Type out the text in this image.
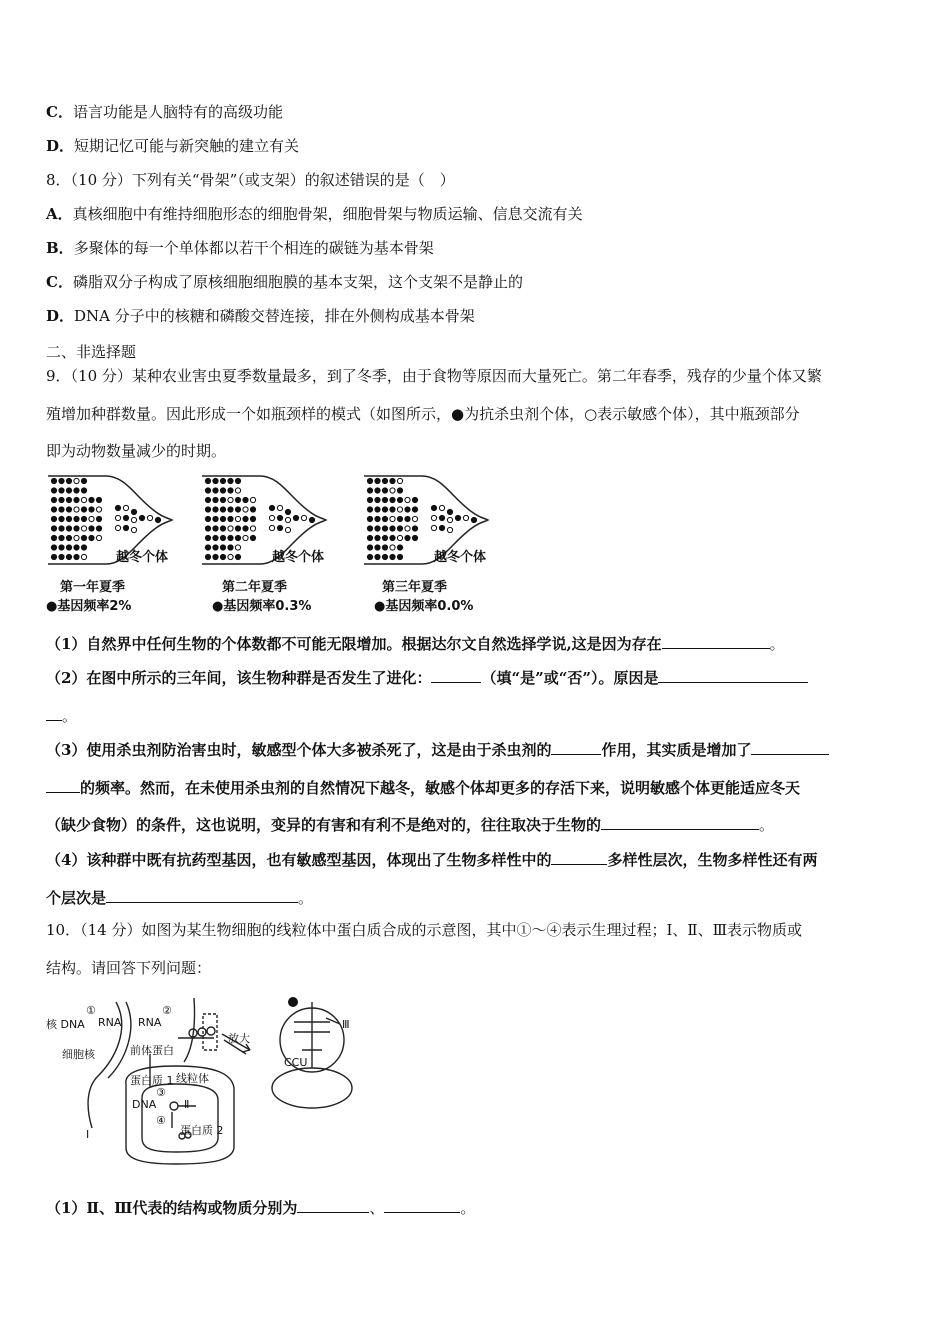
C．语言功能是人脑特有的高级功能
D．短期记忆可能与新突触的建立有关
8．（10 分）下列有关“骨架”（或支架）的叙述错误的是（　）
A．真核细胞中有维持细胞形态的细胞骨架，细胞骨架与物质运输、信息交流有关
B．多聚体的每一个单体都以若干个相连的碳链为基本骨架
C．磷脂双分子构成了原核细胞细胞膜的基本支架，这个支架不是静止的
D．DNA 分子中的核糖和磷酸交替连接，排在外侧构成基本骨架
二、非选择题
9．（10 分）某种农业害虫夏季数量最多，到了冬季，由于食物等原因而大量死亡。第二年春季，残存的少量个体又繁
殖增加种群数量。因此形成一个如瓶颈样的模式（如图所示，●为抗杀虫剂个体，○表示敏感个体），其中瓶颈部分
即为动物数量减少的时期。
越冬个体
第一年夏季
●基因频率2%
越冬个体
第二年夏季
●基因频率0.3%
越冬个体
第三年夏季
●基因频率0.0%
（1）自然界中任何生物的个体数都不可能无限增加。根据达尔文自然选择学说,这是因为存在	。
（2）在图中所示的三年间，该生物种群是否发生了进化：	（填“是”或“否”）。原因是
。
（3）使用杀虫剂防治害虫时，敏感型个体大多被杀死了，这是由于杀虫剂的	作用，其实质是增加了
的频率。然而，在未使用杀虫剂的自然情况下越冬，敏感个体却更多的存活下来，说明敏感个体更能适应冬天
（缺少食物）的条件，这也说明，变异的有害和有利不是绝对的，往往取决于生物的	。
（4）该种群中既有抗药型基因，也有敏感型基因，体现出了生物多样性中的	多样性层次，生物多样性还有两
个层次是	。
10．（14 分）如图为某生物细胞的线粒体中蛋白质合成的示意图，其中①～④表示生理过程；Ⅰ、Ⅱ、Ⅲ表示物质或
结构。请回答下列问题：
核 DNA
①
RNA
②
RNA
细胞核	前体蛋白
蛋白质 1 线粒体
DNA
③
④
Ⅱ
蛋白质 2
Ⅰ
放大
Ⅲ
CCU
（1）Ⅱ、Ⅲ代表的结构或物质分别为	、	。
